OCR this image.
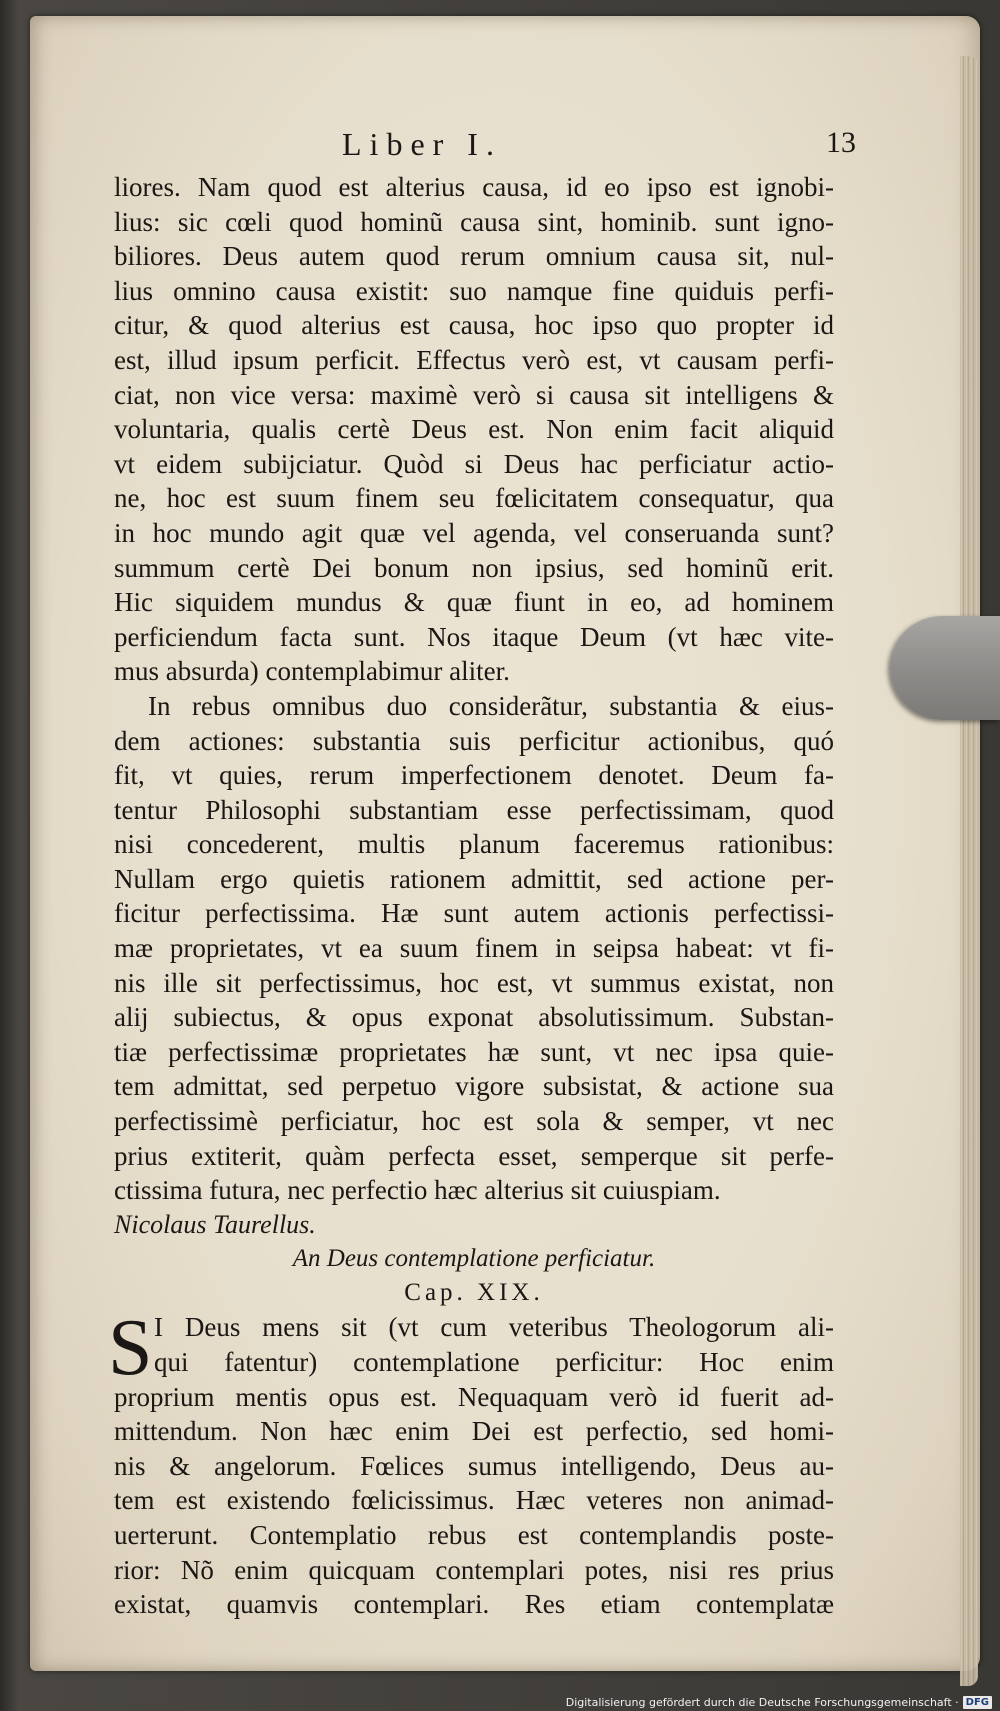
Liber I.	13
liores. Nam quod est alterius causa, id eo ipso est ignobi-
lius: sic cœli quod hominũ causa sint, hominib. sunt igno-
biliores. Deus autem quod rerum omnium causa sit, nul-
lius omnino causa existit: suo namque fine quiduis perfi-
citur, & quod alterius est causa, hoc ipso quo propter id
est, illud ipsum perficit. Effectus verò est, vt causam perfi-
ciat, non vice versa: maximè verò si causa sit intelligens &
voluntaria, qualis certè Deus est. Non enim facit aliquid
vt eidem subijciatur. Quòd si Deus hac perficiatur actio-
ne, hoc est suum finem seu fœlicitatem consequatur, qua
in hoc mundo agit quæ vel agenda, vel conseruanda sunt?
summum certè Dei bonum non ipsius, sed hominũ erit.
Hic siquidem mundus & quæ fiunt in eo, ad hominem
perficiendum facta sunt. Nos itaque Deum (vt hæc vite-
mus absurda) contemplabimur aliter.
In rebus omnibus duo considerãtur, substantia & eius-
dem actiones: substantia suis perficitur actionibus, quó
fit, vt quies, rerum imperfectionem denotet. Deum fa-
tentur Philosophi substantiam esse perfectissimam, quod
nisi concederent, multis planum faceremus rationibus:
Nullam ergo quietis rationem admittit, sed actione per-
ficitur perfectissima. Hæ sunt autem actionis perfectissi-
mæ proprietates, vt ea suum finem in seipsa habeat: vt fi-
nis ille sit perfectissimus, hoc est, vt summus existat, non
alij subiectus, & opus exponat absolutissimum. Substan-
tiæ perfectissimæ proprietates hæ sunt, vt nec ipsa quie-
tem admittat, sed perpetuo vigore subsistat, & actione sua
perfectissimè perficiatur, hoc est sola & semper, vt nec
prius extiterit, quàm perfecta esset, semperque sit perfe-
ctissima futura, nec perfectio hæc alterius sit cuiuspiam.
Nicolaus Taurellus.
An Deus contemplatione perficiatur.
Cap. XIX.
S I Deus mens sit (vt cum veteribus Theologorum ali-
qui fatentur) contemplatione perficitur: Hoc enim
proprium mentis opus est. Nequaquam verò id fuerit ad-
mittendum. Non hæc enim Dei est perfectio, sed homi-
nis & angelorum. Fœlices sumus intelligendo, Deus au-
tem est existendo fœlicissimus. Hæc veteres non animad-
uerterunt. Contemplatio rebus est contemplandis poste-
rior: Nõ enim quicquam contemplari potes, nisi res prius
existat, quamvis contemplari. Res etiam contemplatæ
Digitalisierung gefördert durch die Deutsche Forschungsgemeinschaft · DFG
